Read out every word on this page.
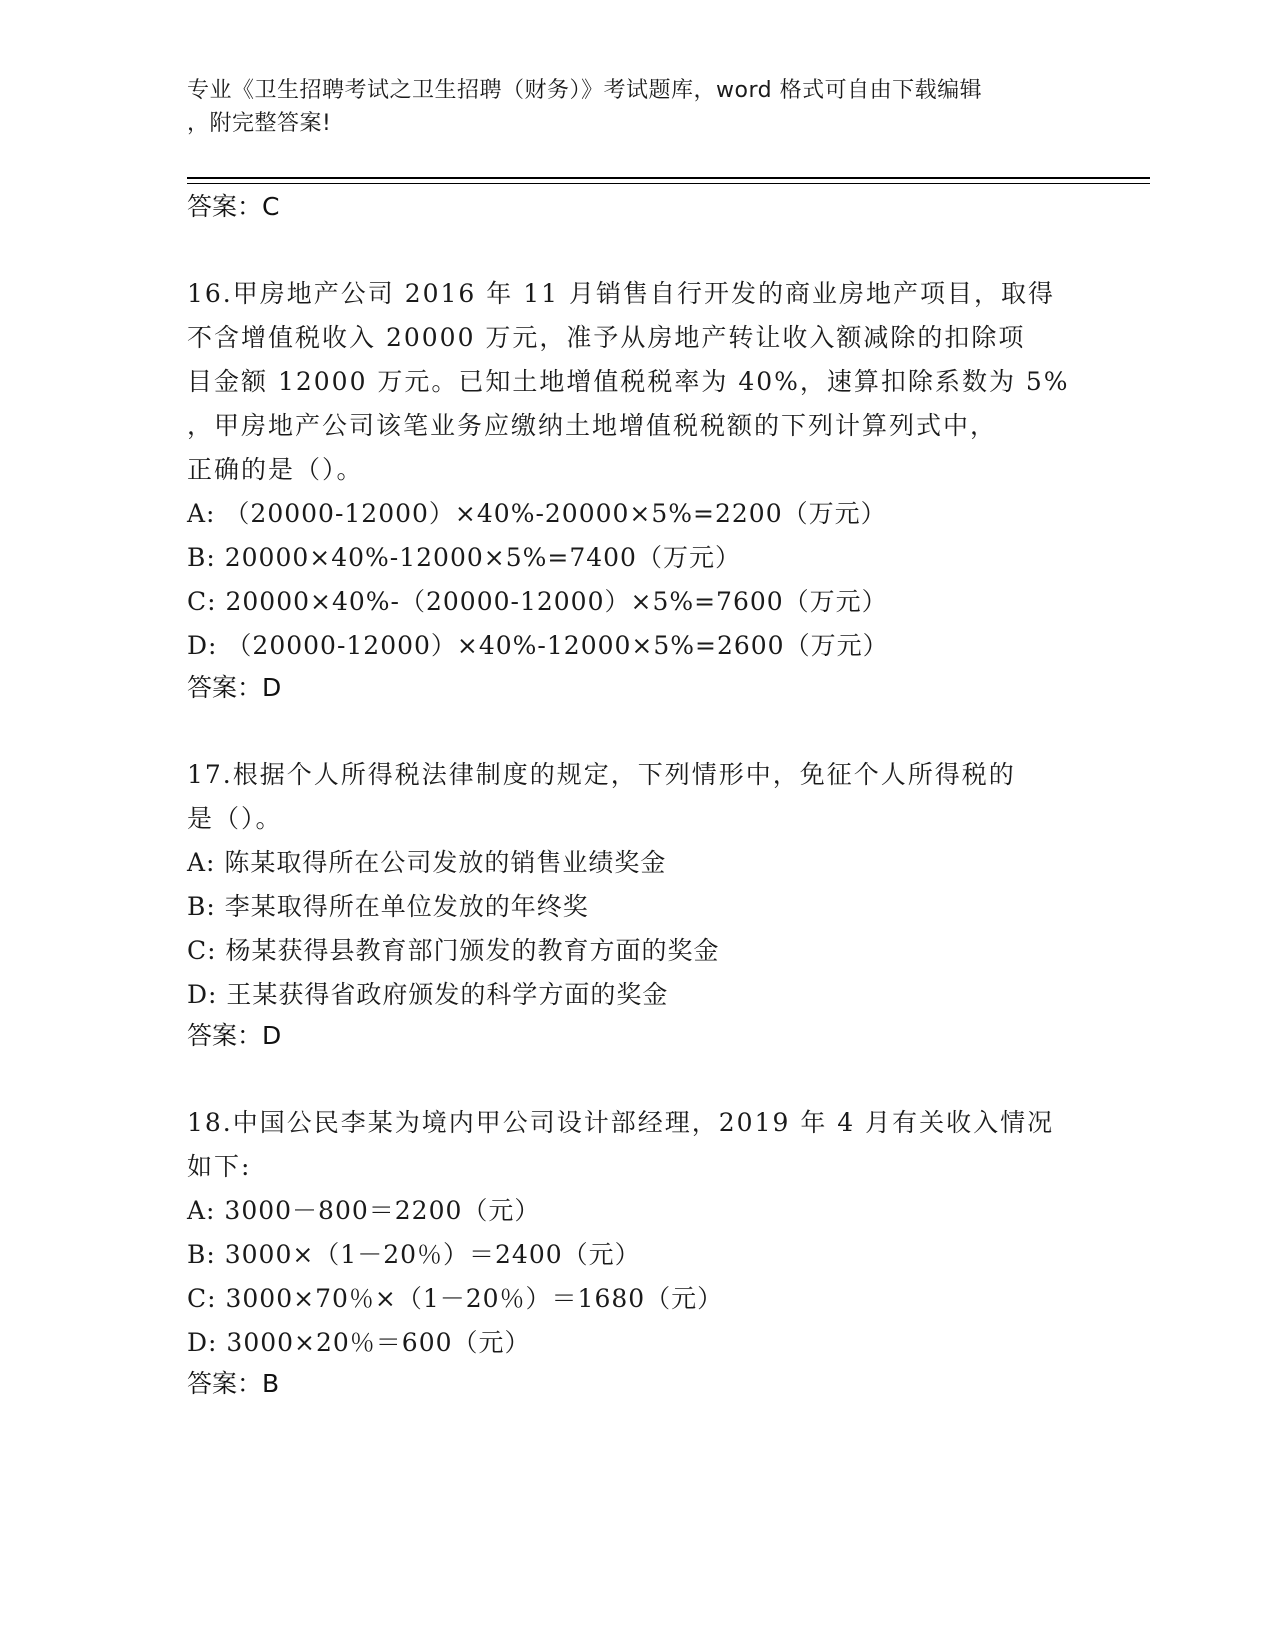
专业《卫生招聘考试之卫生招聘（财务）》考试题库，word 格式可自由下载编辑
，附完整答案!
答案：C
16.甲房地产公司 2016 年 11 月销售自行开发的商业房地产项目，取得
不含增值税收入 20000 万元，准予从房地产转让收入额减除的扣除项
目金额 12000 万元。已知土地增值税税率为 40%，速算扣除系数为 5%
，甲房地产公司该笔业务应缴纳土地增值税税额的下列计算列式中，
正确的是（）。
A: （20000-12000）×40%-20000×5%=2200（万元）
B: 20000×40%-12000×5%=7400（万元）
C: 20000×40%-（20000-12000）×5%=7600（万元）
D: （20000-12000）×40%-12000×5%=2600（万元）
答案：D
17.根据个人所得税法律制度的规定，下列情形中，免征个人所得税的
是（）。
A: 陈某取得所在公司发放的销售业绩奖金
B: 李某取得所在单位发放的年终奖
C: 杨某获得县教育部门颁发的教育方面的奖金
D: 王某获得省政府颁发的科学方面的奖金
答案：D
18.中国公民李某为境内甲公司设计部经理，2019 年 4 月有关收入情况
如下:
A: 3000－800＝2200（元）
B: 3000×（1－20％）＝2400（元）
C: 3000×70％×（1－20％）＝1680（元）
D: 3000×20％＝600（元）
答案：B
